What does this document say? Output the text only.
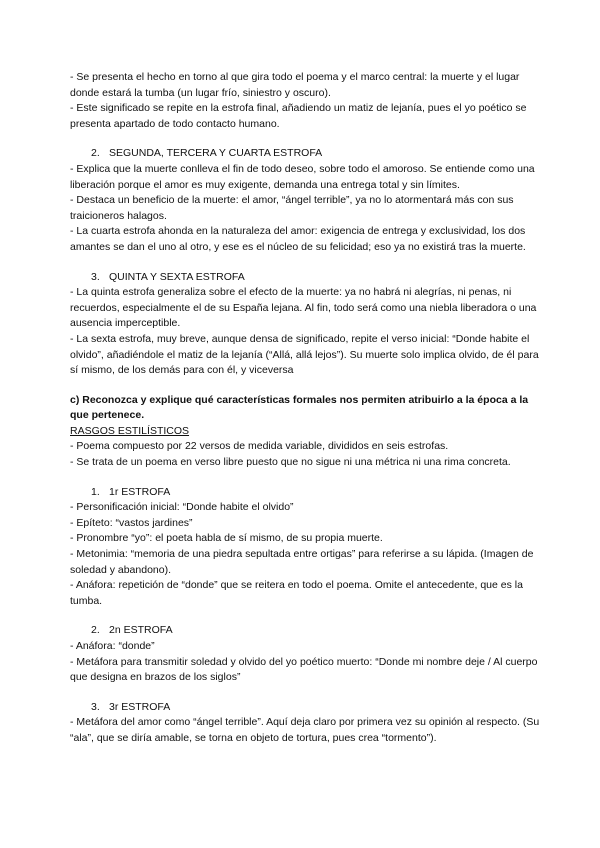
- Se presenta el hecho en torno al que gira todo el poema y el marco central: la muerte y el lugar donde estará la tumba (un lugar frío, siniestro y oscuro).

- Este significado se repite en la estrofa final, añadiendo un matiz de lejanía, pues el yo poético se presenta apartado de todo contacto humano.

2. SEGUNDA, TERCERA Y CUARTA ESTROFA

- Explica que la muerte conlleva el fin de todo deseo, sobre todo el amoroso. Se entiende como una liberación porque el amor es muy exigente, demanda una entrega total y sin límites.

- Destaca un beneficio de la muerte: el amor, “ángel terrible”, ya no lo atormentará más con sus traicioneros halagos.

- La cuarta estrofa ahonda en la naturaleza del amor: exigencia de entrega y exclusividad, los dos amantes se dan el uno al otro, y ese es el núcleo de su felicidad; eso ya no existirá tras la muerte.

3. QUINTA Y SEXTA ESTROFA

- La quinta estrofa generaliza sobre el efecto de la muerte: ya no habrá ni alegrías, ni penas, ni recuerdos, especialmente el de su España lejana. Al fin, todo será como una niebla liberadora o una ausencia imperceptible.

- La sexta estrofa, muy breve, aunque densa de significado, repite el verso inicial: “Donde habite el olvido”, añadiéndole el matiz de la lejanía (“Allá, allá lejos”). Su muerte solo implica olvido, de él para sí mismo, de los demás para con él, y viceversa

c) Reconozca y explique qué características formales nos permiten atribuirlo a la época a la que pertenece.

RASGOS ESTILÍSTICOS

- Poema compuesto por 22 versos de medida variable, divididos en seis estrofas.

- Se trata de un poema en verso libre puesto que no sigue ni una métrica ni una rima concreta.

1. 1r ESTROFA

- Personificación inicial: “Donde habite el olvido”

- Epíteto: “vastos jardines”

- Pronombre “yo”: el poeta habla de sí mismo, de su propia muerte.

- Metonimia: “memoria de una piedra sepultada entre ortigas” para referirse a su lápida. (Imagen de soledad y abandono).

- Anáfora: repetición de “donde” que se reitera en todo el poema. Omite el antecedente, que es la tumba.

2. 2n ESTROFA

- Anáfora: “donde”

- Metáfora para transmitir soledad y olvido del yo poético muerto: “Donde mi nombre deje / Al cuerpo que designa en brazos de los siglos”

3. 3r ESTROFA

- Metáfora del amor como “ángel terrible”. Aquí deja claro por primera vez su opinión al respecto. (Su “ala”, que se diría amable, se torna en objeto de tortura, pues crea “tormento”).
